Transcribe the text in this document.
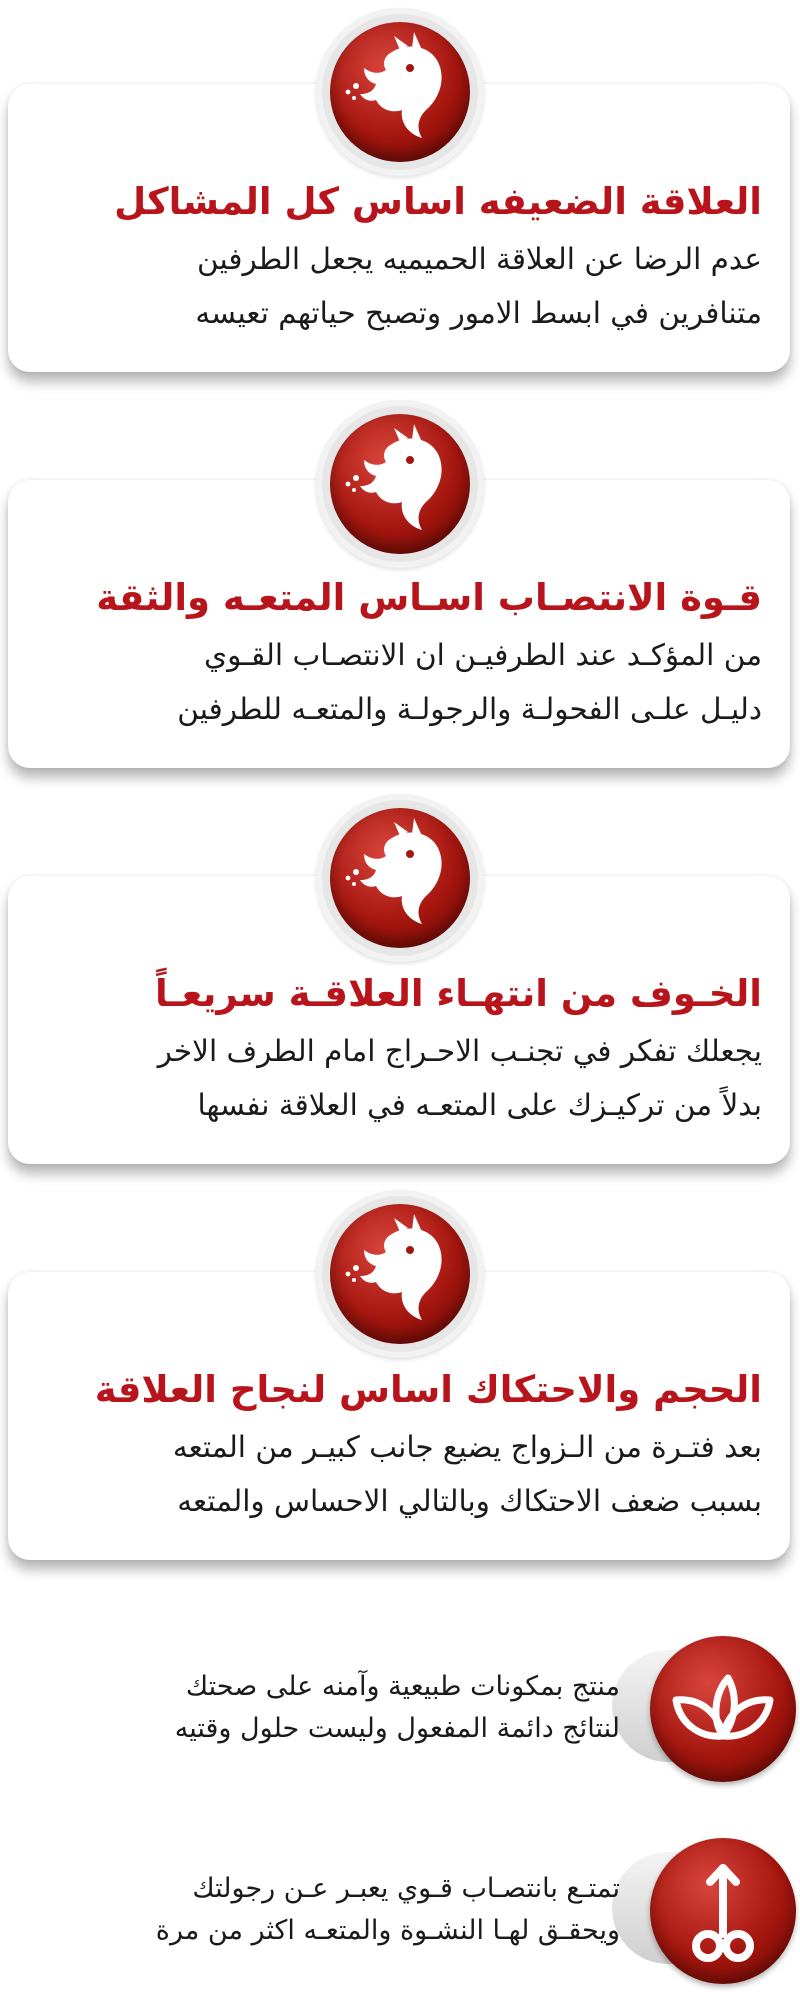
العلاقة الضعيفه اساس كل المشاكل
عدم الرضا عن العلاقة الحميميه يجعل الطرفين
متنافرين في ابسط الامور وتصبح حياتهم تعيسه
قـوة الانتصـاب اسـاس المتعـه والثقة
من المؤكـد عند الطرفيـن ان الانتصـاب القـوي
دليـل علـى الفحولـة والرجولـة والمتعـه للطرفين
الخـوف من انتهـاء العلاقـة سريعـاً
يجعلك تفكر في تجنـب الاحـراج امام الطرف الاخر
بدلاً من تركيـزك على المتعـه في العلاقة نفسها
الحجم والاحتكاك اساس لنجاح العلاقة
بعد فتـرة من الـزواج يضيع جانب كبيـر من المتعه
بسبب ضعف الاحتكاك وبالتالي الاحساس والمتعه
منتج بمكونات طبيعية وآمنه على صحتك
لنتائج دائمة المفعول وليست حلول وقتيه
تمتـع بانتصـاب قـوي يعبـر عـن رجولتك
ويحقـق لهـا النشـوة والمتعـه اكثر من مرة
